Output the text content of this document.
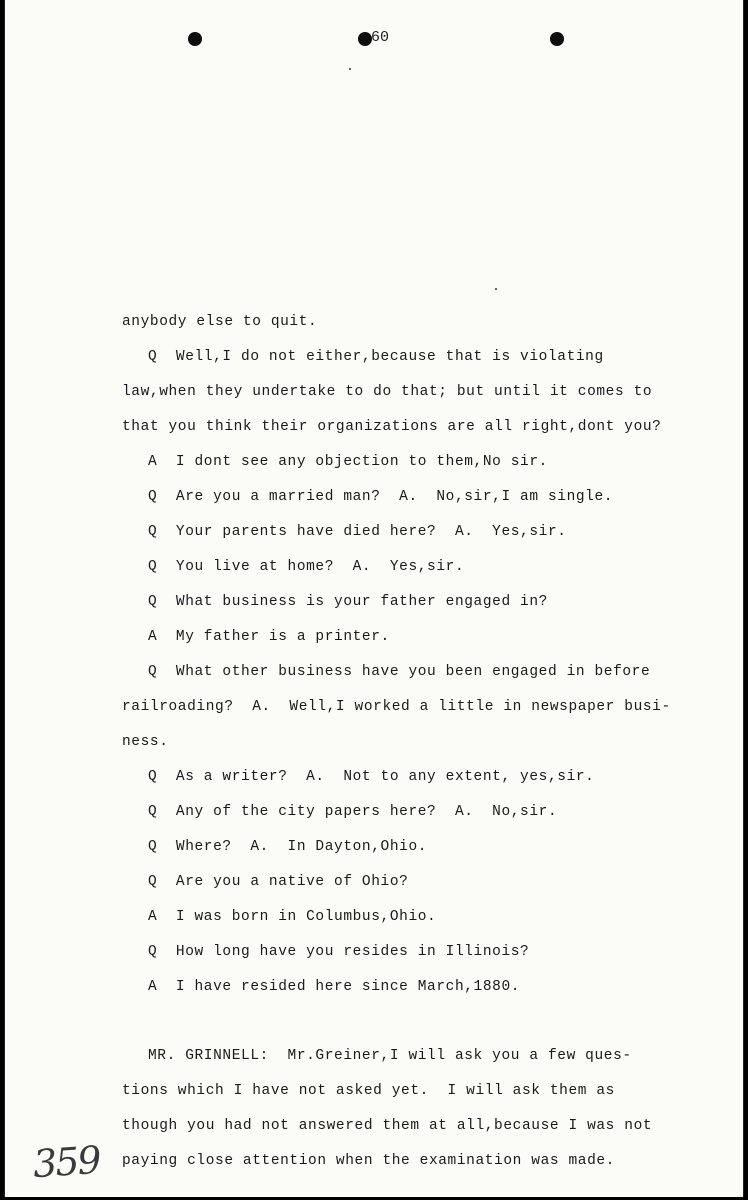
60
anybody else to quit.
Q  Well,I do not either,because that is violating
law,when they undertake to do that; but until it comes to
that you think their organizations are all right,dont you?
A  I dont see any objection to them,No sir.
Q  Are you a married man?  A.  No,sir,I am single.
Q  Your parents have died here?  A.  Yes,sir.
Q  You live at home?  A.  Yes,sir.
Q  What business is your father engaged in?
A  My father is a printer.
Q  What other business have you been engaged in before
railroading?  A.  Well,I worked a little in newspaper busi-
ness.
Q  As a writer?  A.  Not to any extent, yes,sir.
Q  Any of the city papers here?  A.  No,sir.
Q  Where?  A.  In Dayton,Ohio.
Q  Are you a native of Ohio?
A  I was born in Columbus,Ohio.
Q  How long have you resides in Illinois?
A  I have resided here since March,1880.
MR. GRINNELL:  Mr.Greiner,I will ask you a few ques-
tions which I have not asked yet.  I will ask them as
though you had not answered them at all,because I was not
paying close attention when the examination was made.
359
